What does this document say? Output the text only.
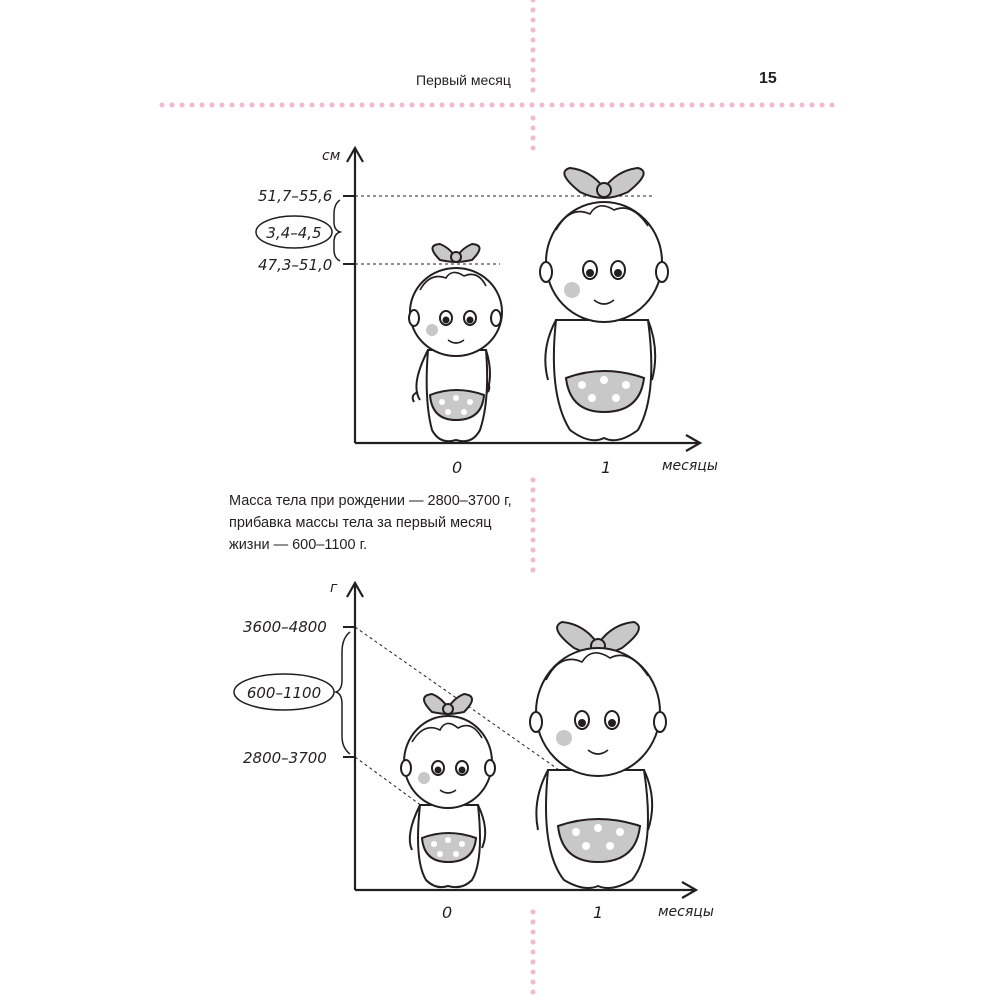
Первый месяц	15
см
месяцы
0	1
51,7–55,6
47,3–51,0
3,4–4,5

Масса тела при рождении — 2800–3700 г,

прибавка массы тела за первый месяц

жизни — 600–1100 г.

г
месяцы
0	1
3600–4800
2800–3700
600–1100
